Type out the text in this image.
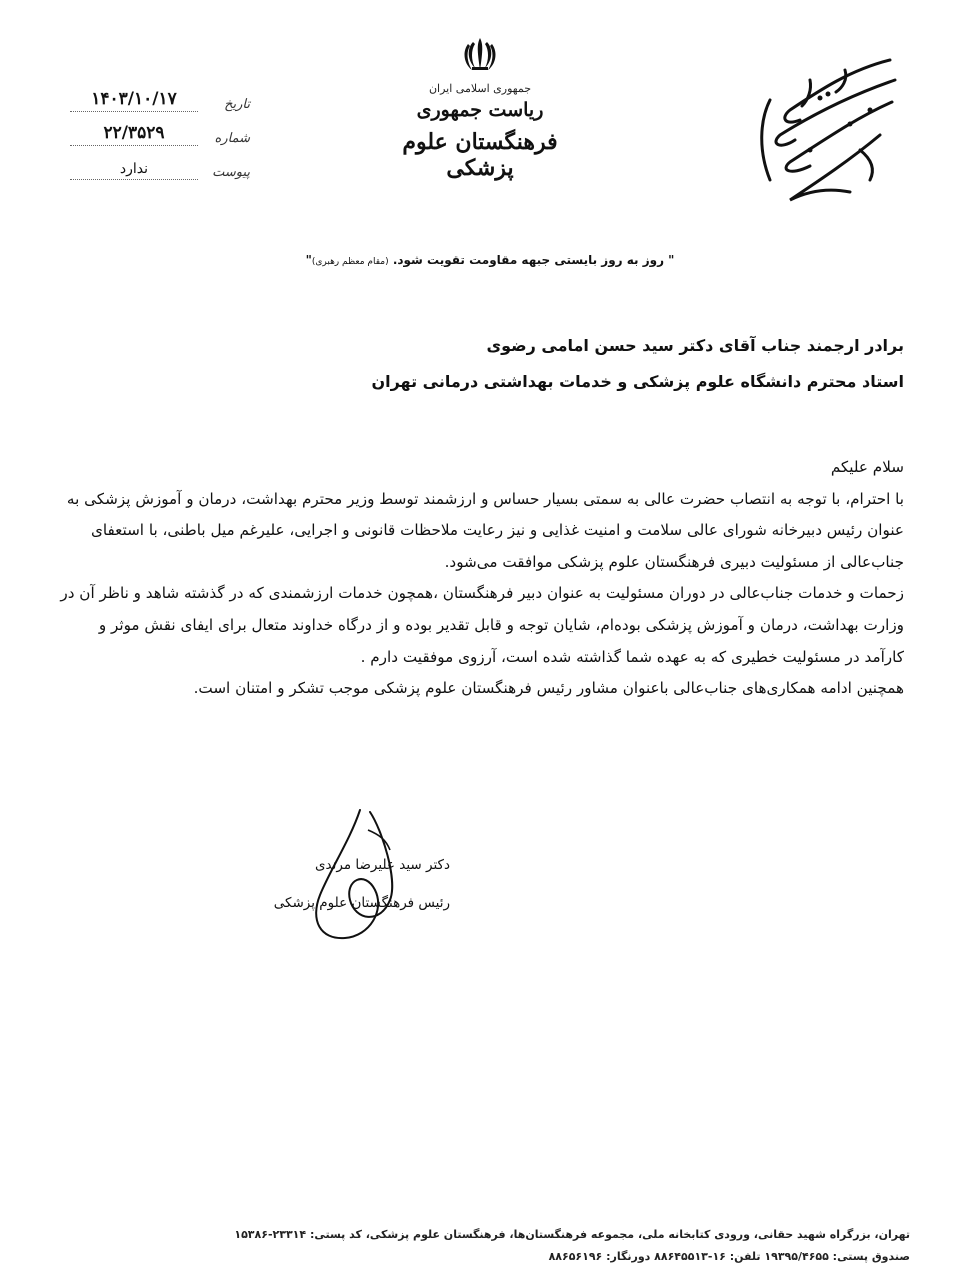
تاریخ
۱۴۰۳/۱۰/۱۷
شماره
۲۲/۳۵۲۹
پیوست
ندارد
جمهوری اسلامی ایران
ریاست جمهوری
فرهنگستان علوم پزشکی
" روز به روز بایستی جبهه مقاومت تقویت شود. (مقام معظم رهبری)"
برادر ارجمند جناب آقای دکتر سید حسن امامی رضوی
استاد محترم دانشگاه علوم پزشکی و خدمات بهداشتی درمانی تهران

سلام علیکم

با احترام، با توجه به انتصاب حضرت عالی به سمتی بسیار حساس و ارزشمند توسط وزیر محترم بهداشت، درمان و آموزش پزشکی به عنوان رئیس دبیرخانه شورای عالی سلامت و امنیت غذایی و نیز رعایت ملاحظات قانونی و اجرایی، علیرغم میل باطنی، با استعفای جناب‌عالی از مسئولیت دبیری فرهنگستان علوم پزشکی موافقت می‌شود.

زحمات و خدمات جناب‌عالی در دوران مسئولیت به عنوان دبیر فرهنگستان ،همچون خدمات ارزشمندی که در گذشته شاهد و ناظر آن در وزارت بهداشت، درمان و آموزش پزشکی بوده‌ام، شایان توجه و قابل تقدیر بوده و از درگاه خداوند متعال برای ایفای نقش موثر و کارآمد در مسئولیت خطیری که به عهده شما گذاشته شده است، آرزوی موفقیت دارم .

همچنین ادامه همکاری‌های جناب‌عالی باعنوان مشاور رئیس فرهنگستان علوم پزشکی موجب تشکر و امتنان است.

دکتر سید علیرضا مرندی
رئیس فرهنگستان علوم پزشکی
تهران، بزرگراه شهید حقانی، ورودی کتابخانه ملی، مجموعه فرهنگستان‌ها، فرهنگستان علوم پزشکی، کد پستی: ۲۳۳۱۴-۱۵۳۸۶
صندوق پستی: ۱۹۳۹۵/۴۶۵۵ تلفن: ۱۶-۸۸۶۴۵۵۱۳ دورنگار: ۸۸۶۵۶۱۹۶
